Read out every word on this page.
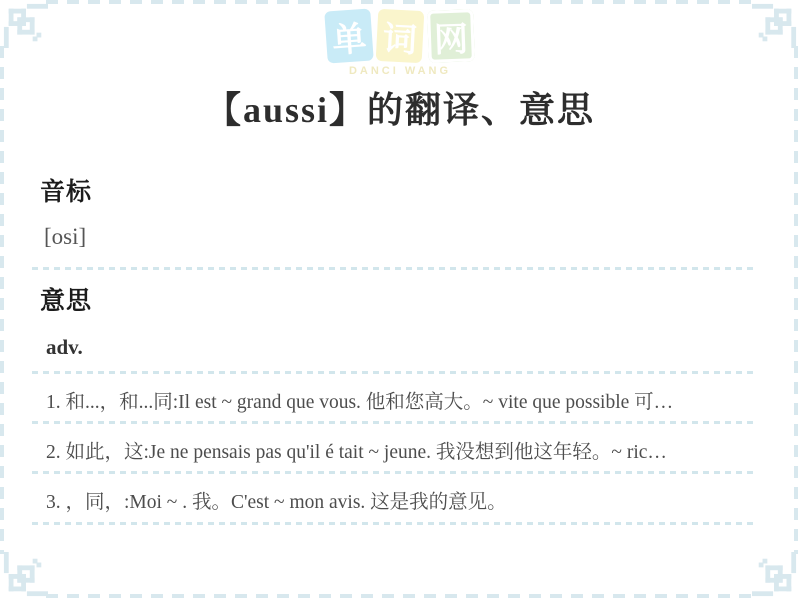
单 词 网
DANCI WANG
【aussi】的翻译、意思
音标
[osi]
意思
adv.
1. 和...，和...同:Il est ~ grand que vous. 他和您高大。~ vite que possible 可…
2. 如此，这:Je ne pensais pas qu'il é tait ~ jeune. 我没想到他这年轻。~ ric…
3. ，同，:Moi ~ . 我。C'est ~ mon avis. 这是我的意见。
